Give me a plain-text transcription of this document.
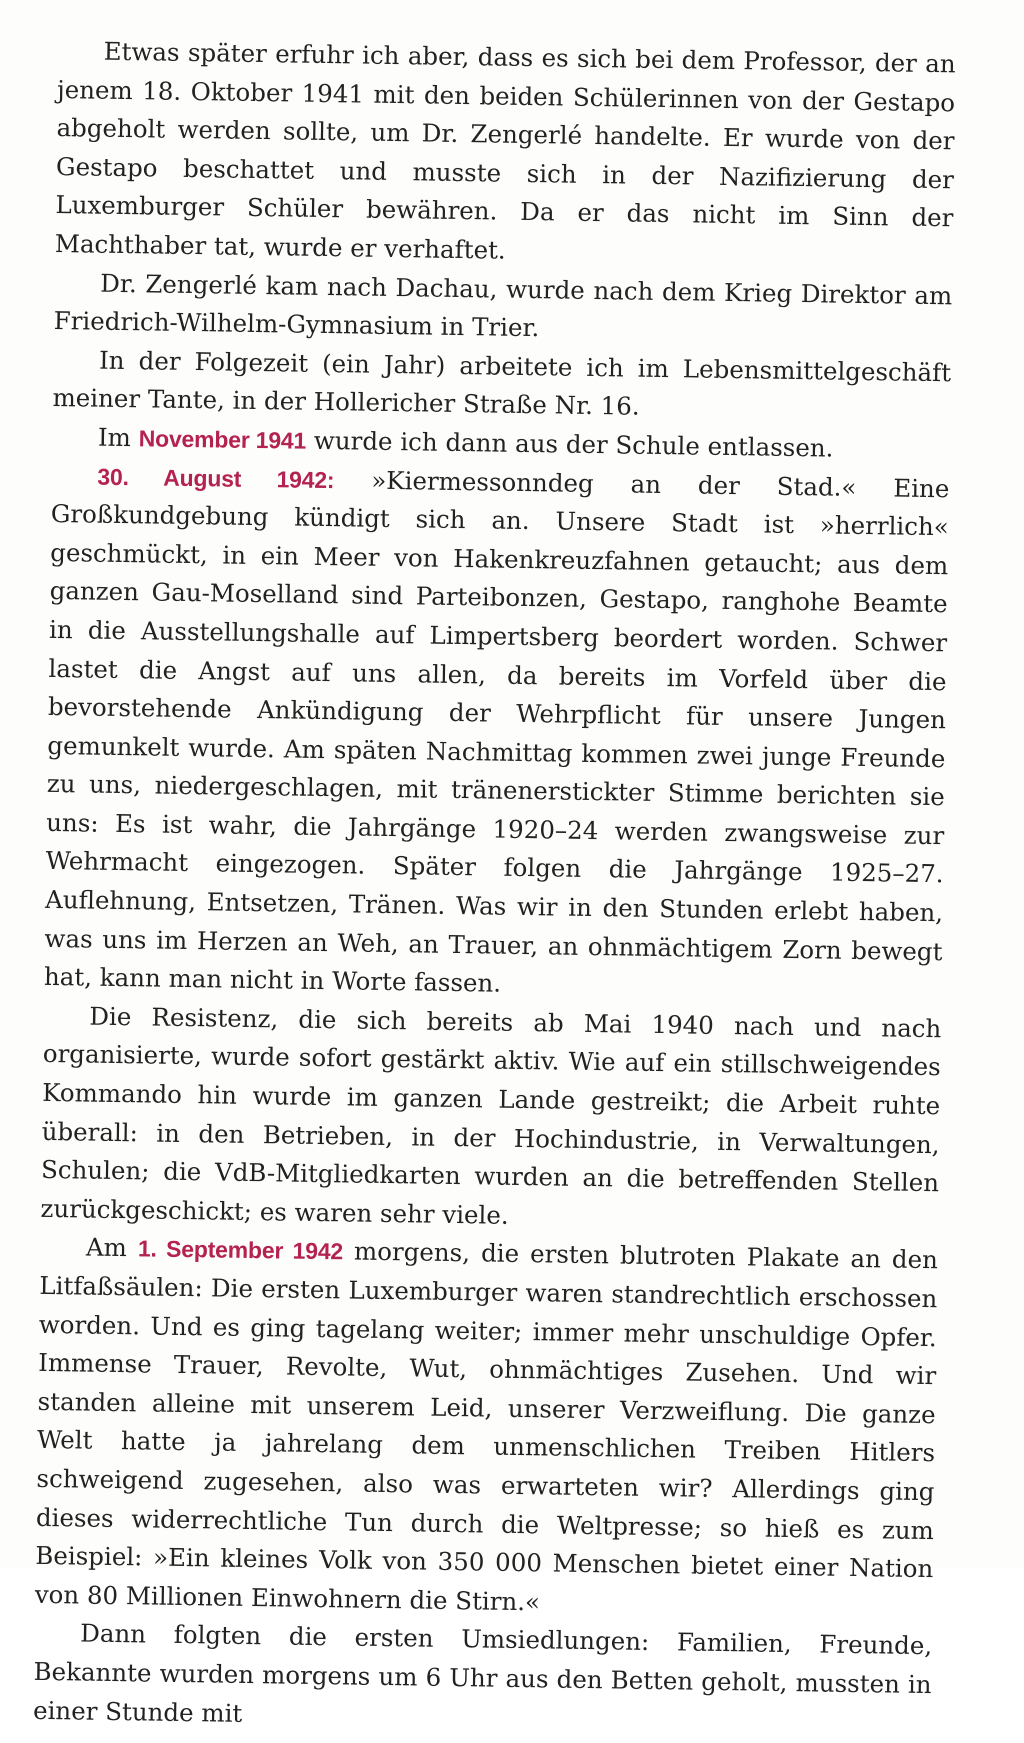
Etwas später erfuhr ich aber, dass es sich bei dem Professor, der an jenem 18. Oktober 1941 mit den beiden Schülerinnen von der Gestapo abgeholt werden sollte, um Dr. Zengerlé handelte. Er wurde von der Gestapo beschattet und musste sich in der Nazifizierung der Luxemburger Schüler bewähren. Da er das nicht im Sinn der Machthaber tat, wurde er verhaftet.

Dr. Zengerlé kam nach Dachau, wurde nach dem Krieg Direktor am Friedrich-Wilhelm-Gymnasium in Trier.

In der Folgezeit (ein Jahr) arbeitete ich im Lebensmittelgeschäft meiner Tante, in der Hollericher Straße Nr. 16.

Im November 1941 wurde ich dann aus der Schule entlassen.

30. August 1942: »Kiermessonndeg an der Stad.« Eine Großkundgebung kündigt sich an. Unsere Stadt ist »herrlich« geschmückt, in ein Meer von Hakenkreuzfahnen getaucht; aus dem ganzen Gau-Moselland sind Parteibonzen, Gestapo, ranghohe Beamte in die Ausstellungshalle auf Limpertsberg beordert worden. Schwer lastet die Angst auf uns allen, da bereits im Vorfeld über die bevorstehende Ankündigung der Wehrpflicht für unsere Jungen gemunkelt wurde. Am späten Nachmittag kommen zwei junge Freunde zu uns, niedergeschlagen, mit tränenerstickter Stimme berichten sie uns: Es ist wahr, die Jahrgänge 1920–24 werden zwangsweise zur Wehrmacht eingezogen. Später folgen die Jahrgänge 1925–27. Auflehnung, Entsetzen, Tränen. Was wir in den Stunden erlebt haben, was uns im Herzen an Weh, an Trauer, an ohnmächtigem Zorn bewegt hat, kann man nicht in Worte fassen.

Die Resistenz, die sich bereits ab Mai 1940 nach und nach organisierte, wurde sofort gestärkt aktiv. Wie auf ein stillschweigendes Kommando hin wurde im ganzen Lande gestreikt; die Arbeit ruhte überall: in den Betrieben, in der Hochindustrie, in Verwaltungen, Schulen; die VdB-Mitgliedkarten wurden an die betreffenden Stellen zurückgeschickt; es waren sehr viele.

Am 1. September 1942 morgens, die ersten blutroten Plakate an den Litfaßsäulen: Die ersten Luxemburger waren standrechtlich erschossen worden. Und es ging tagelang weiter; immer mehr unschuldige Opfer. Immense Trauer, Revolte, Wut, ohnmächtiges Zusehen. Und wir standen alleine mit unserem Leid, unserer Verzweiflung. Die ganze Welt hatte ja jahrelang dem unmenschlichen Treiben Hitlers schweigend zugesehen, also was erwarteten wir? Allerdings ging dieses widerrechtliche Tun durch die Weltpresse; so hieß es zum Beispiel: »Ein kleines Volk von 350 000 Menschen bietet einer Nation von 80 Millionen Einwohnern die Stirn.«

Dann folgten die ersten Umsiedlungen: Familien, Freunde, Bekannte wurden morgens um 6 Uhr aus den Betten geholt, mussten in einer Stunde mit
